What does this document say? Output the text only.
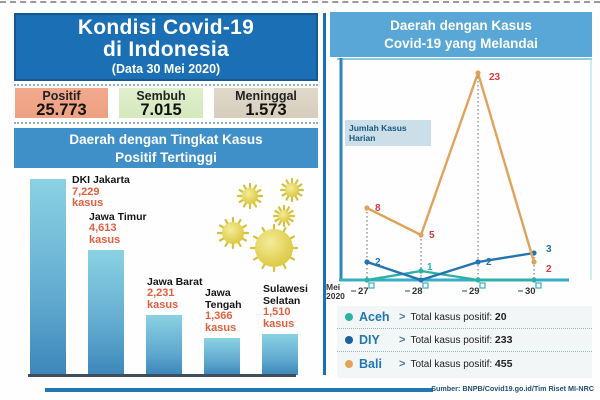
Kondisi Covid-19
di Indonesia
(Data 30 Mei 2020)
Positif
25.773
Sembuh
7.015
Meninggal
1.573
Daerah dengan Tingkat Kasus
Positif Tertinggi
DKI Jakarta
7,229
kasus
Jawa Timur
4,613
kasus
Jawa Barat
2,231
kasus
Jawa Tengah
1,366
kasus
Sulawesi Selatan
1,510
kasus
Daerah dengan Kasus
Covid-19 yang Melandai
1
2	2
3
8
5
23
2
Jumlah Kasus
Harian
Mei
2020	27	28	29	30
Aceh > Total kasus positif: 20
DIY	> Total kasus positif: 233
Bali	> Total kasus positif: 455
Sumber: BNPB/Covid19.go.id/Tim Riset MI-NRC
